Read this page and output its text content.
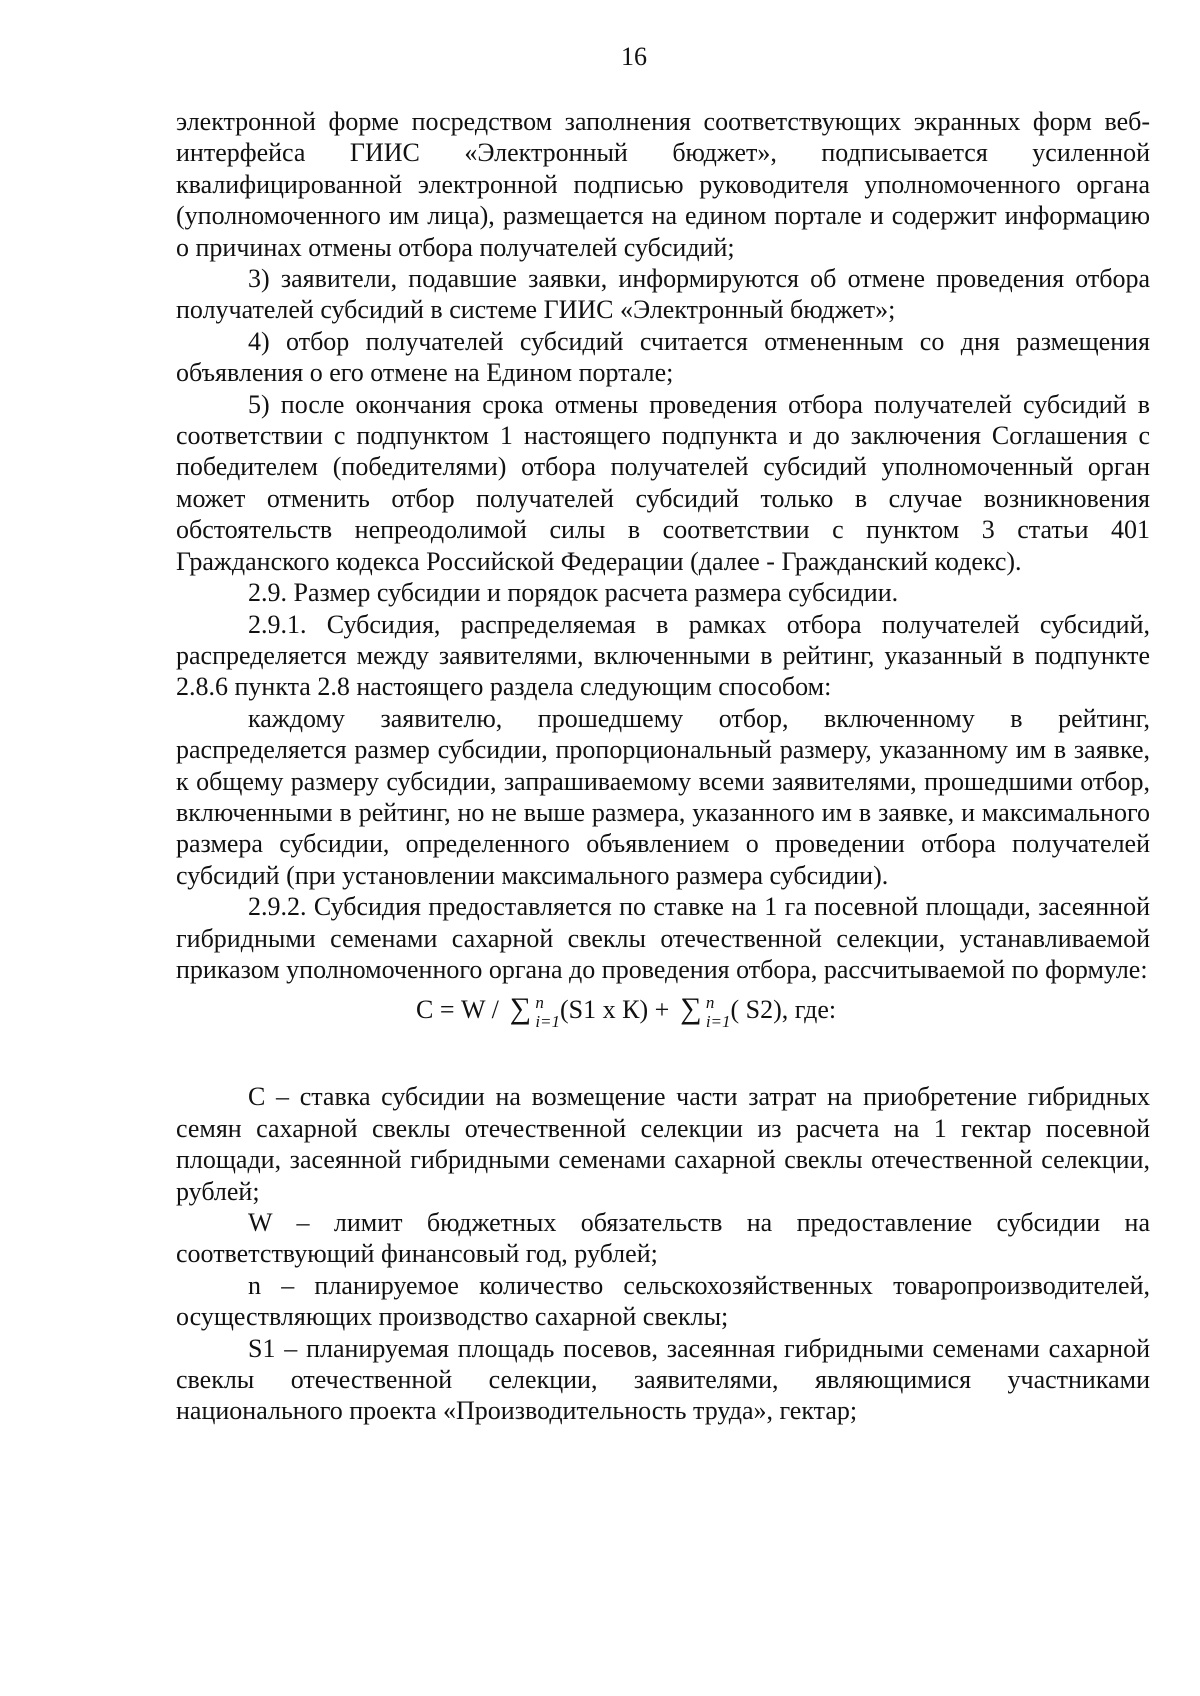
16

электронной форме посредством заполнения соответствующих экранных форм веб-интерфейса ГИИС «Электронный бюджет», подписывается усиленной квалифицированной электронной подписью руководителя уполномоченного органа (уполномоченного им лица), размещается на едином портале и содержит информацию о причинах отмены отбора получателей субсидий;

3) заявители, подавшие заявки, информируются об отмене проведения отбора получателей субсидий в системе ГИИС «Электронный бюджет»;

4) отбор получателей субсидий считается отмененным со дня размещения объявления о его отмене на Едином портале;

5) после окончания срока отмены проведения отбора получателей субсидий в соответствии с подпунктом 1 настоящего подпункта и до заключения Соглашения с победителем (победителями) отбора получателей субсидий уполномоченный орган может отменить отбор получателей субсидий только в случае возникновения обстоятельств непреодолимой силы в соответствии с пунктом 3 статьи 401 Гражданского кодекса Российской Федерации (далее - Гражданский кодекс).

2.9. Размер субсидии и порядок расчета размера субсидии.

2.9.1. Субсидия, распределяемая в рамках отбора получателей субсидий, распределяется между заявителями, включенными в рейтинг, указанный в подпункте 2.8.6 пункта 2.8 настоящего раздела следующим способом:

каждому заявителю, прошедшему отбор, включенному в рейтинг, распределяется размер субсидии, пропорциональный размеру, указанному им в заявке, к общему размеру субсидии, запрашиваемому всеми заявителями, прошедшими отбор, включенными в рейтинг, но не выше размера, указанного им в заявке, и максимального размера субсидии, определенного объявлением о проведении отбора получателей субсидий (при установлении максимального размера субсидии).

2.9.2. Субсидия предоставляется по ставке на 1 га посевной площади, засеянной гибридными семенами сахарной свеклы отечественной селекции, устанавливаемой приказом уполномоченного органа до проведения отбора, рассчитываемой по формуле:

С = W / ∑ n
i=1 (S1 х К) + ∑ n
i=1 ( S2), где:

С – ставка субсидии на возмещение части затрат на приобретение гибридных семян сахарной свеклы отечественной селекции из расчета на 1 гектар посевной площади, засеянной гибридными семенами сахарной свеклы отечественной селекции, рублей;

W – лимит бюджетных обязательств на предоставление субсидии на соответствующий финансовый год, рублей;

n – планируемое количество сельскохозяйственных товаропроизводителей, осуществляющих производство сахарной свеклы;

S1 – планируемая площадь посевов, засеянная гибридными семенами сахарной свеклы отечественной селекции, заявителями, являющимися участниками национального проекта «Производительность труда», гектар;
